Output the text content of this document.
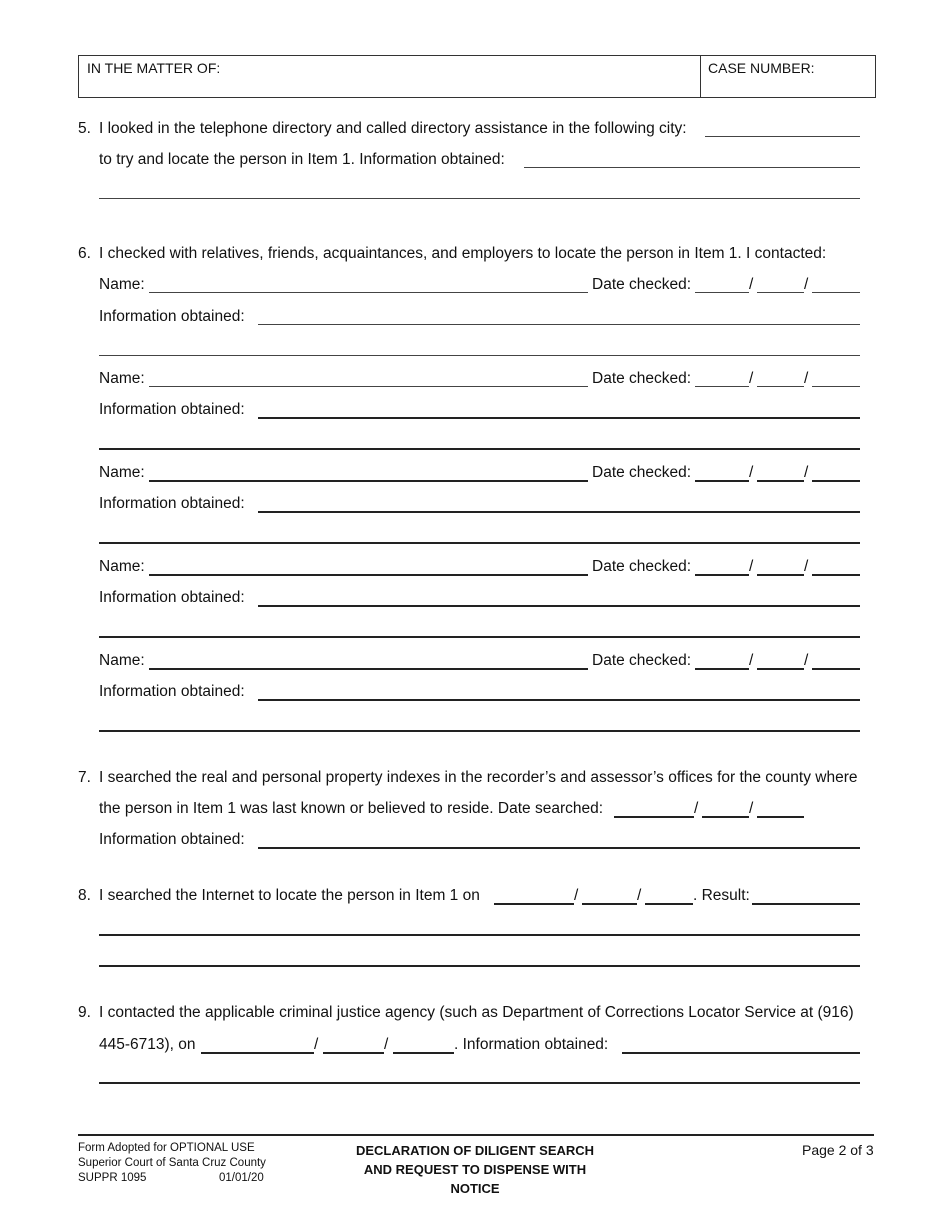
IN THE MATTER OF:	CASE NUMBER:
5. I looked in the telephone directory and called directory assistance in the following city:
to try and locate the person in Item 1. Information obtained:
6. I checked with relatives, friends, acquaintances, and employers to locate the person in Item 1. I contacted:
Name:	Date checked:	/	/
Information obtained:
Name:	Date checked:	/	/
Information obtained:
Name:	Date checked:	/	/
Information obtained:
Name:	Date checked:	/	/
Information obtained:
Name:	Date checked:	/	/
Information obtained:
7. I searched the real and personal property indexes in the recorder’s and assessor’s offices for the county where
the person in Item 1 was last known or believed to reside. Date searched:	/	/
Information obtained:
8. I searched the Internet to locate the person in Item 1 on	/	/	. Result:
9. I contacted the applicable criminal justice agency (such as Department of Corrections Locator Service at (916)
445-6713), on	/	/	. Information obtained:
Form Adopted for OPTIONAL USE
Superior Court of Santa Cruz County
SUPPR 1095	01/01/20
DECLARATION OF DILIGENT SEARCH
AND REQUEST TO DISPENSE WITH
NOTICE
Page 2 of 3
